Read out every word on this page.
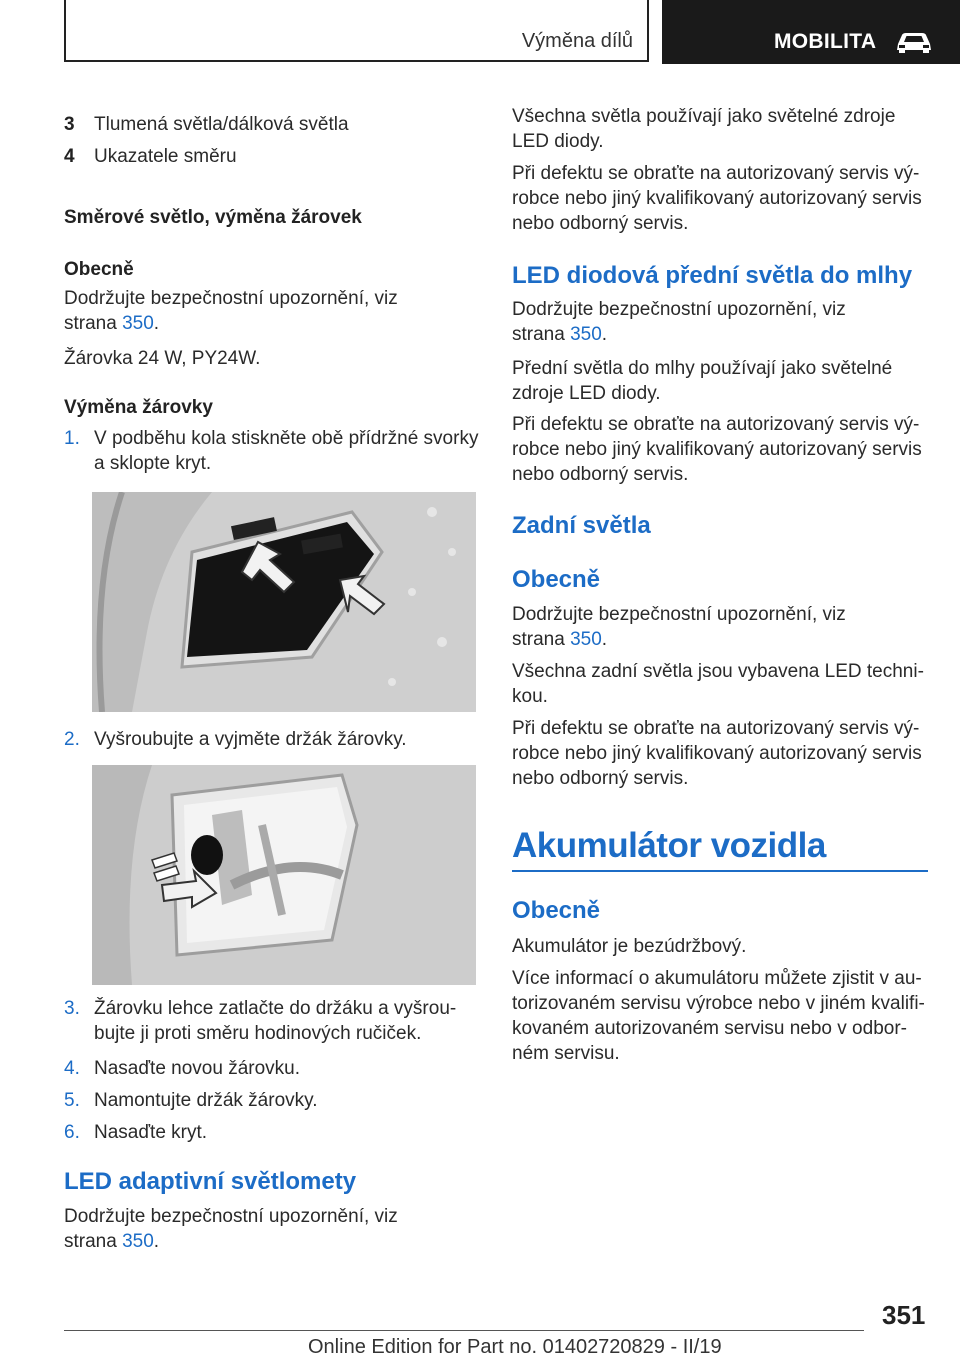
Výměna dílů	MOBILITA
3 Tlumená světla/dálková světla
4 Ukazatele směru
Směrové světlo, výměna žárovek
Obecně
Dodržujte bezpečnostní upozornění, viz
strana 350.
Žárovka 24 W, PY24W.
Výměna žárovky
1. V podběhu kola stiskněte obě přídržné svorky
a sklopte kryt.
2. Vyšroubujte a vyjměte držák žárovky.
3. Žárovku lehce zatlačte do držáku a vyšrou-
bujte ji proti směru hodinových ručiček.
4. Nasaďte novou žárovku.
5. Namontujte držák žárovky.
6. Nasaďte kryt.
LED adaptivní světlomety
Dodržujte bezpečnostní upozornění, viz
strana 350.
Všechna světla používají jako světelné zdroje
LED diody.
Při defektu se obraťte na autorizovaný servis vý-
robce nebo jiný kvalifikovaný autorizovaný servis
nebo odborný servis.
LED diodová přední světla do mlhy
Dodržujte bezpečnostní upozornění, viz
strana 350.
Přední světla do mlhy používají jako světelné
zdroje LED diody.
Při defektu se obraťte na autorizovaný servis vý-
robce nebo jiný kvalifikovaný autorizovaný servis
nebo odborný servis.
Zadní světla
Obecně
Dodržujte bezpečnostní upozornění, viz
strana 350.
Všechna zadní světla jsou vybavena LED techni-
kou.
Při defektu se obraťte na autorizovaný servis vý-
robce nebo jiný kvalifikovaný autorizovaný servis
nebo odborný servis.
Akumulátor vozidla
Obecně
Akumulátor je bezúdržbový.
Více informací o akumulátoru můžete zjistit v au-
torizovaném servisu výrobce nebo v jiném kvalifi-
kovaném autorizovaném servisu nebo v odbor-
ném servisu.
351
Online Edition for Part no. 01402720829 - II/19
